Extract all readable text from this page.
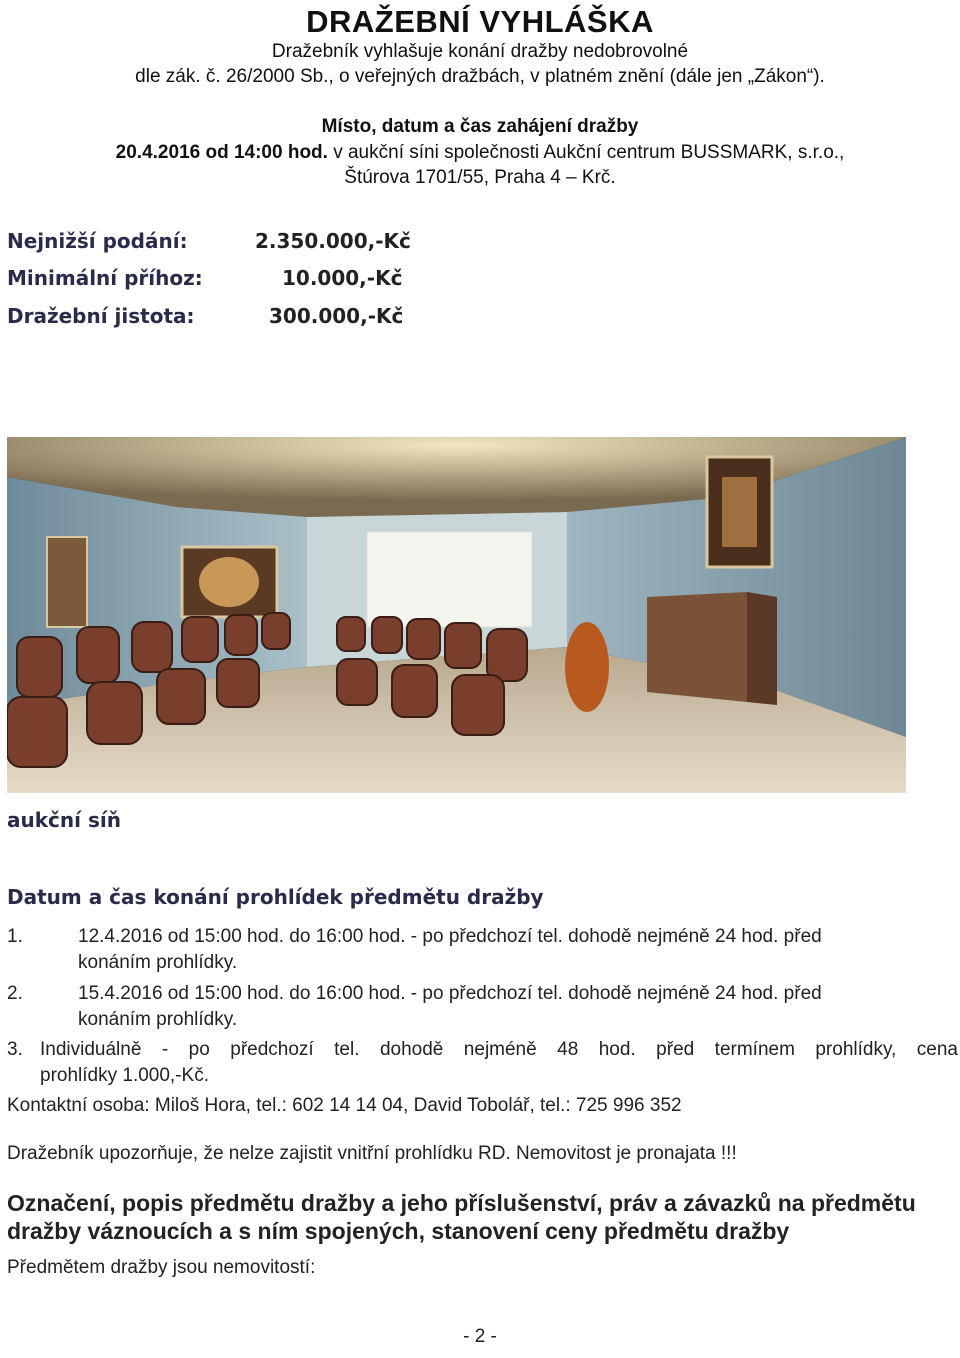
DRAŽEBNÍ VYHLÁŠKA
Dražebník vyhlašuje konání dražby nedobrovolné
dle zák. č. 26/2000 Sb., o veřejných dražbách, v platném znění (dále jen „Zákon“).
Místo, datum a čas zahájení dražby
20.4.2016 od 14:00 hod. v aukční síni společnosti Aukční centrum BUSSMARK, s.r.o.,
Štúrova 1701/55, Praha 4 – Krč.
Nejnižší podání:	2.350.000,-Kč
Minimální příhoz:	10.000,-Kč
Dražební jistota:	300.000,-Kč
aukční síň
Datum a čas konání prohlídek předmětu dražby
1.	12.4.2016 od 15:00 hod. do 16:00 hod. - po předchozí tel. dohodě nejméně 24 hod. před
konáním prohlídky.
2.	15.4.2016 od 15:00 hod. do 16:00 hod. - po předchozí tel. dohodě nejméně 24 hod. před
konáním prohlídky.
3. Individuálně - po předchozí tel. dohodě nejméně 48 hod. před termínem prohlídky, cena
prohlídky 1.000,-Kč.
Kontaktní osoba: Miloš Hora, tel.: 602 14 14 04, David Tobolář, tel.: 725 996 352
Dražebník upozorňuje, že nelze zajistit vnitřní prohlídku RD. Nemovitost je pronajata !!!
Označení, popis předmětu dražby a jeho příslušenství, práv a závazků na předmětu
dražby váznoucích a s ním spojených, stanovení ceny předmětu dražby
Předmětem dražby jsou nemovitostí:
- 2 -
